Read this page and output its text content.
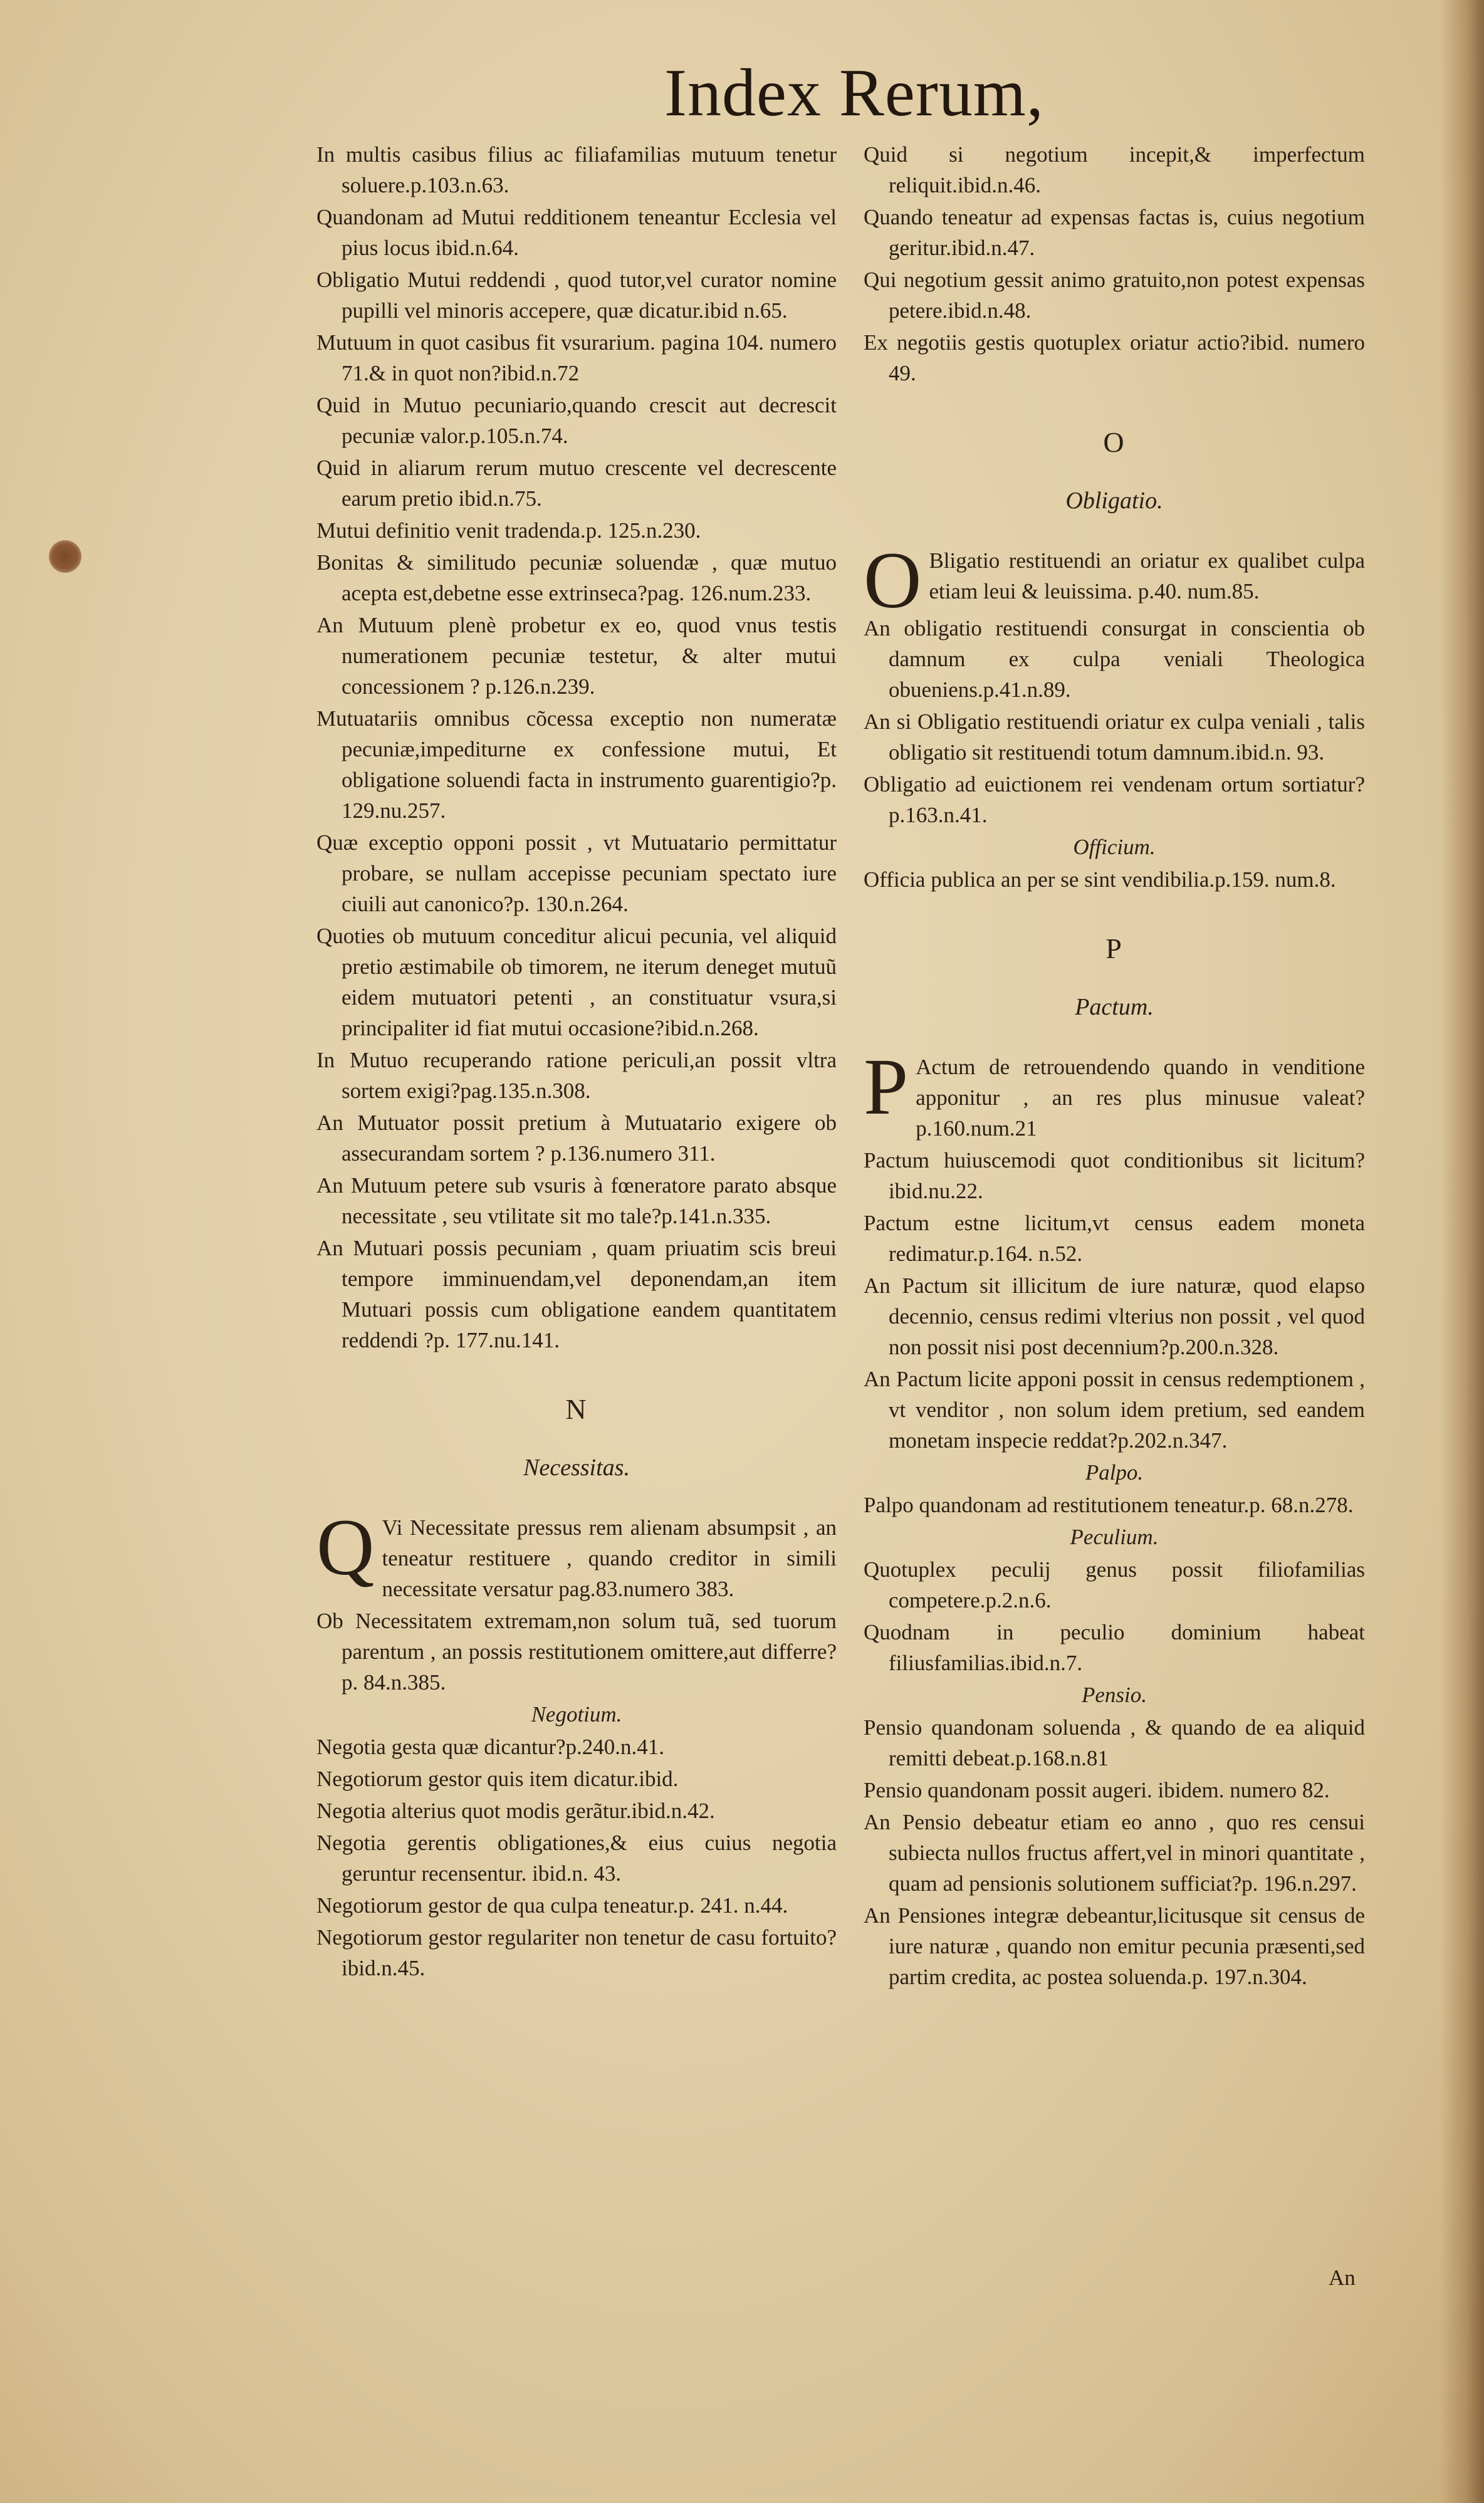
Index Rerum,

In multis casibus filius ac filiafamilias mutuum tenetur soluere.p.103.n.63.

Quandonam ad Mutui redditionem teneantur Ecclesia vel pius locus ibid.n.64.

Obligatio Mutui reddendi , quod tutor,vel curator nomine pupilli vel minoris accepere, quæ dicatur.ibid n.65.

Mutuum in quot casibus fit vsurarium. pagina 104. numero 71.& in quot non?ibid.n.72

Quid in Mutuo pecuniario,quando crescit aut decrescit pecuniæ valor.p.105.n.74.

Quid in aliarum rerum mutuo crescente vel decrescente earum pretio ibid.n.75.

Mutui definitio venit tradenda.p. 125.n.230.

Bonitas & similitudo pecuniæ soluendæ , quæ mutuo acepta est,debetne esse extrinseca?pag. 126.num.233.

An Mutuum plenè probetur ex eo, quod vnus testis numerationem pecuniæ testetur, & alter mutui concessionem ? p.126.n.239.

Mutuatariis omnibus cõcessa exceptio non numeratæ pecuniæ,impediturne ex confessione mutui, Et obligatione soluendi facta in instrumento guarentigio?p. 129.nu.257.

Quæ exceptio opponi possit , vt Mutuatario permittatur probare, se nullam accepisse pecuniam spectato iure ciuili aut canonico?p. 130.n.264.

Quoties ob mutuum conceditur alicui pecunia, vel aliquid pretio æstimabile ob timorem, ne iterum deneget mutuũ eidem mutuatori petenti , an constituatur vsura,si principaliter id fiat mutui occasione?ibid.n.268.

In Mutuo recuperando ratione periculi,an possit vltra sortem exigi?pag.135.n.308.

An Mutuator possit pretium à Mutuatario exigere ob assecurandam sortem ? p.136.numero 311.

An Mutuum petere sub vsuris à fœneratore parato absque necessitate , seu vtilitate sit mo tale?p.141.n.335.

An Mutuari possis pecuniam , quam priuatim scis breui tempore imminuendam,vel deponendam,an item Mutuari possis cum obligatione eandem quantitatem reddendi ?p. 177.nu.141.

N
Necessitas.
Q Vi Necessitate pressus rem alienam absumpsit , an teneatur restituere , quando creditor in simili necessitate versatur pag.83.numero 383.

Ob Necessitatem extremam,non solum tuã, sed tuorum parentum , an possis restitutionem omittere,aut differre?p. 84.n.385.

Negotium.

Negotia gesta quæ dicantur?p.240.n.41.

Negotiorum gestor quis item dicatur.ibid.

Negotia alterius quot modis gerãtur.ibid.n.42.

Negotia gerentis obligationes,& eius cuius negotia geruntur recensentur. ibid.n. 43.

Negotiorum gestor de qua culpa teneatur.p. 241. n.44.

Negotiorum gestor regulariter non tenetur de casu fortuito?ibid.n.45.

Quid si negotium incepit,& imperfectum reliquit.ibid.n.46.

Quando teneatur ad expensas factas is, cuius negotium geritur.ibid.n.47.

Qui negotium gessit animo gratuito,non potest expensas petere.ibid.n.48.

Ex negotiis gestis quotuplex oriatur actio?ibid. numero 49.

O
Obligatio.
O Bligatio restituendi an oriatur ex qualibet culpa etiam leui & leuissima. p.40. num.85.

An obligatio restituendi consurgat in conscientia ob damnum ex culpa veniali Theologica obueniens.p.41.n.89.

An si Obligatio restituendi oriatur ex culpa veniali , talis obligatio sit restituendi totum damnum.ibid.n. 93.

Obligatio ad euictionem rei vendenam ortum sortiatur?p.163.n.41.

Officium.

Officia publica an per se sint vendibilia.p.159. num.8.

P
Pactum.
P Actum de retrouendendo quando in venditione apponitur , an res plus minusue valeat?p.160.num.21

Pactum huiuscemodi quot conditionibus sit licitum?ibid.nu.22.

Pactum estne licitum,vt census eadem moneta redimatur.p.164. n.52.

An Pactum sit illicitum de iure naturæ, quod elapso decennio, census redimi vlterius non possit , vel quod non possit nisi post decennium?p.200.n.328.

An Pactum licite apponi possit in census redemptionem , vt venditor , non solum idem pretium, sed eandem monetam inspecie reddat?p.202.n.347.

Palpo.

Palpo quandonam ad restitutionem teneatur.p. 68.n.278.

Peculium.

Quotuplex peculij genus possit filiofamilias competere.p.2.n.6.

Quodnam in peculio dominium habeat filiusfamilias.ibid.n.7.

Pensio.

Pensio quandonam soluenda , & quando de ea aliquid remitti debeat.p.168.n.81

Pensio quandonam possit augeri. ibidem. numero 82.

An Pensio debeatur etiam eo anno , quo res censui subiecta nullos fructus affert,vel in minori quantitate , quam ad pensionis solutionem sufficiat?p. 196.n.297.

An Pensiones integræ debeantur,licitusque sit census de iure naturæ , quando non emitur pecunia præsenti,sed partim credita, ac postea soluenda.p. 197.n.304.

An
